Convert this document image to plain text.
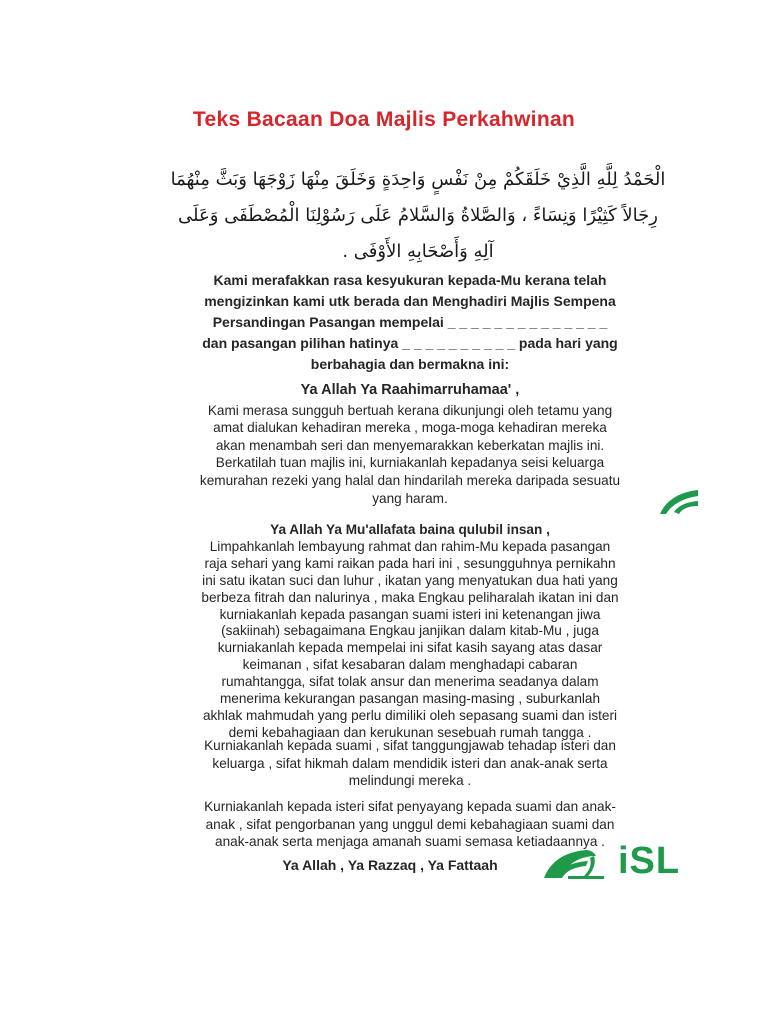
Teks Bacaan Doa Majlis Perkahwinan
الْحَمْدُ لِلَّهِ الَّذِيْ خَلَقَكُمْ مِنْ نَفْسٍ وَاحِدَةٍ وَخَلَقَ مِنْهَا زَوْجَهَا وَبَثَّ مِنْهُمَا
رِجَالاً كَثِيْرًا وَنِسَاءً ، وَالصَّلاةُ وَالسَّلامُ عَلَى رَسُوْلِنَا الْمُصْطَفَى وَعَلَى
آلِهِ وَأَصْحَابِهِ الأَوْفَى .
Kami merafakkan rasa kesyukuran kepada-Mu kerana telah
mengizinkan kami utk berada dan Menghadiri Majlis Sempena
Persandingan Pasangan mempelai _ _ _ _ _ _ _ _ _ _ _ _ _ _
dan pasangan pilihan hatinya _ _ _ _ _ _ _ _ _ _ pada hari yang
berbahagia dan bermakna ini:
Ya Allah Ya Raahimarruhamaa' ,
Kami merasa sungguh bertuah kerana dikunjungi oleh tetamu yang
amat dialukan kehadiran mereka , moga-moga kehadiran mereka
akan menambah seri dan menyemarakkan keberkatan majlis ini.
Berkatilah tuan majlis ini, kurniakanlah kepadanya seisi keluarga
kemurahan rezeki yang halal dan hindarilah mereka daripada sesuatu
yang haram.
Ya Allah Ya Mu'allafata baina qulubil insan ,
Limpahkanlah lembayung rahmat dan rahim-Mu kepada pasangan
raja sehari yang kami raikan pada hari ini , sesungguhnya pernikahn
ini satu ikatan suci dan luhur , ikatan yang menyatukan dua hati yang
berbeza fitrah dan nalurinya , maka Engkau peliharalah ikatan ini dan
kurniakanlah kepada pasangan suami isteri ini ketenangan jiwa
(sakiinah) sebagaimana Engkau janjikan dalam kitab-Mu , juga
kurniakanlah kepada mempelai ini sifat kasih sayang atas dasar
keimanan , sifat kesabaran dalam menghadapi cabaran
rumahtangga, sifat tolak ansur dan menerima seadanya dalam
menerima kekurangan pasangan masing-masing , suburkanlah
akhlak mahmudah yang perlu dimiliki oleh sepasang suami dan isteri
demi kebahagiaan dan kerukunan sesebuah rumah tangga .
Kurniakanlah kepada suami , sifat tanggungjawab tehadap isteri dan
keluarga , sifat hikmah dalam mendidik isteri dan anak-anak serta
melindungi mereka .
Kurniakanlah kepada isteri sifat penyayang kepada suami dan anak-
anak , sifat pengorbanan yang unggul demi kebahagiaan suami dan
anak-anak serta menjaga amanah suami semasa ketiadaannya .
Ya Allah , Ya Razzaq , Ya Fattaah	iSL
